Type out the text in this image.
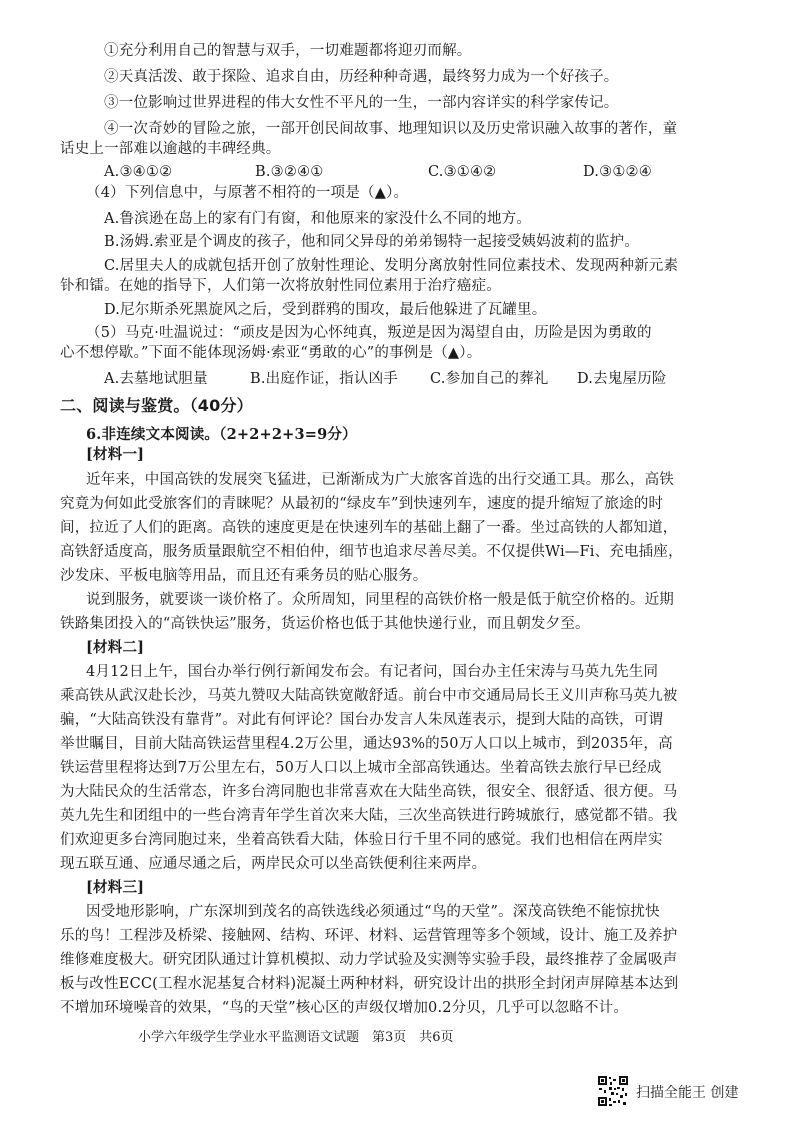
①充分利用自己的智慧与双手，一切难题都将迎刃而解。
②天真活泼、敢于探险、追求自由，历经种种奇遇，最终努力成为一个好孩子。
③一位影响过世界进程的伟大女性不平凡的一生，一部内容详实的科学家传记。
④一次奇妙的冒险之旅，一部开创民间故事、地理知识以及历史常识融入故事的著作，童
话史上一部难以逾越的丰碑经典。
A.③④①②	B.③②④①	C.③①④②	D.③①②④
（4）下列信息中，与原著不相符的一项是（▲）。
A.鲁滨逊在岛上的家有门有窗，和他原来的家没什么不同的地方。
B.汤姆.索亚是个调皮的孩子，他和同父异母的弟弟锡特一起接受姨妈波莉的监护。
C.居里夫人的成就包括开创了放射性理论、发明分离放射性同位素技术、发现两种新元素
钋和镭。在她的指导下，人们第一次将放射性同位素用于治疗癌症。
D.尼尔斯杀死黑旋风之后，受到群鸦的围攻，最后他躲进了瓦罐里。
（5）马克·吐温说过：“顽皮是因为心怀纯真，叛逆是因为渴望自由，历险是因为勇敢的
心不想停歇。”下面不能体现汤姆·索亚“勇敢的心”的事例是（▲）。
A.去墓地试胆量	B.出庭作证，指认凶手 C.参加自己的葬礼 D.去鬼屋历险
二、阅读与鉴赏。（40分）
6.非连续文本阅读。（2+2+2+3=9分）
[材料一]
近年来，中国高铁的发展突飞猛进，已渐渐成为广大旅客首选的出行交通工具。那么，高铁
究竟为何如此受旅客们的青睐呢？从最初的“绿皮车”到快速列车，速度的提升缩短了旅途的时
间，拉近了人们的距离。高铁的速度更是在快速列车的基础上翻了一番。坐过高铁的人都知道，
高铁舒适度高，服务质量跟航空不相伯仲，细节也追求尽善尽美。不仅提供Wi—Fi、充电插座，
沙发床、平板电脑等用品，而且还有乘务员的贴心服务。
说到服务，就要谈一谈价格了。众所周知，同里程的高铁价格一般是低于航空价格的。近期
铁路集团投入的“高铁快运”服务，货运价格也低于其他快递行业，而且朝发夕至。
[材料二]
4月12日上午，国台办举行例行新闻发布会。有记者问，国台办主任宋涛与马英九先生同
乘高铁从武汉赴长沙，马英九赞叹大陆高铁宽敞舒适。前台中市交通局局长王义川声称马英九被
骗，“大陆高铁没有靠背”。对此有何评论？国台办发言人朱凤莲表示，提到大陆的高铁，可谓
举世瞩目，目前大陆高铁运营里程4.2万公里，通达93%的50万人口以上城市，到2035年，高
铁运营里程将达到7万公里左右，50万人口以上城市全部高铁通达。坐着高铁去旅行早已经成
为大陆民众的生活常态，许多台湾同胞也非常喜欢在大陆坐高铁，很安全、很舒适、很方便。马
英九先生和团组中的一些台湾青年学生首次来大陆，三次坐高铁进行跨城旅行，感觉都不错。我
们欢迎更多台湾同胞过来，坐着高铁看大陆，体验日行千里不同的感觉。我们也相信在两岸实
现五联互通、应通尽通之后，两岸民众可以坐高铁便利往来两岸。
[材料三]
因受地形影响，广东深圳到茂名的高铁选线必须通过“鸟的天堂”。深茂高铁绝不能惊扰快
乐的鸟！工程涉及桥梁、接触网、结构、环评、材料、运营管理等多个领域，设计、施工及养护
维修难度极大。研究团队通过计算机模拟、动力学试验及实测等实验手段，最终推荐了金属吸声
板与改性ECC(工程水泥基复合材料)泥凝土两种材料，研究设计出的拱形全封闭声屏障基本达到
不增加环境噪音的效果，“鸟的天堂”核心区的声级仅增加0.2分贝，几乎可以忽略不计。
小学六年级学生学业水平监测语文试题　第3页　共6页
扫描全能王 创建
